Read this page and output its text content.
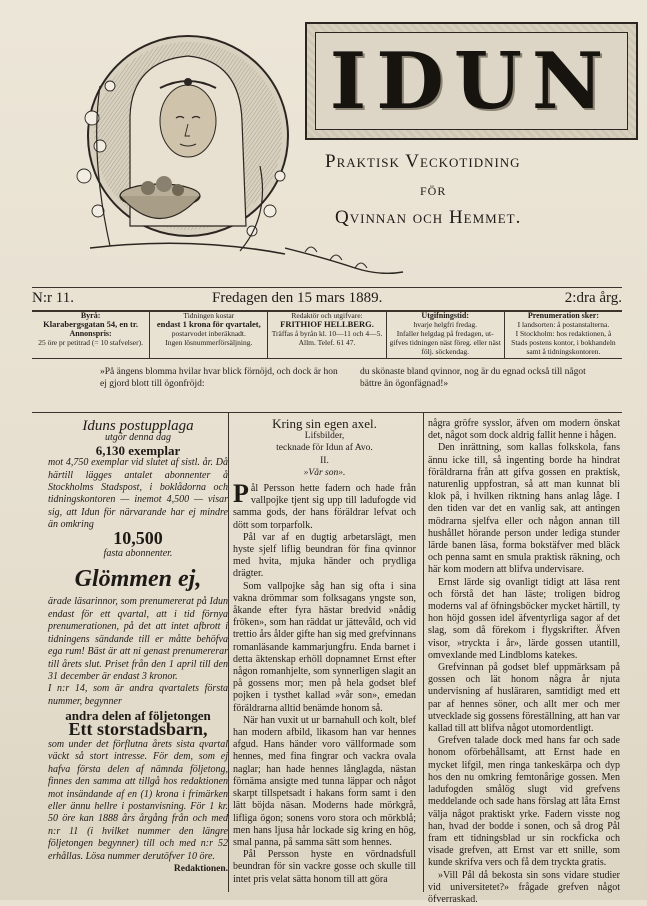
IDUN
Praktisk Veckotidning
för
Qvinnan och Hemmet.
N:r 11.	Fredagen den 15 mars 1889.	2:dra årg.
Byrå:
Klarabergsgatan 54, en tr.

Annonspris:
25 öre pr petitrad (= 10 stafvelser).
Tidningen kostar
endast 1 krona för qvartalet,
postarvodet inberäknadt.
Ingen lösnummerförsäljning.
Redaktör och utgifvare:
FRITHIOF HELLBERG.
Träffas å byrån kl. 10—11 och 4—5.
Allm. Telef. 61 47.
Utgifningstid:
hvarje helgfri fredag.
Infaller helgdag på fredagen, ut- gifves tidningen näst föreg. eller näst följ. söckendag.
Prenumeration sker:
I landsorten: å postanstalterna.
I Stockholm: hos redaktionen, å Stads postens kontor, i bokhandeln samt å tidningskontoren.
»På ängens blomma hvilar hvar blick förnöjd, och dock är hon ej gjord blott till ögonfröjd:
du skönaste bland qvinnor, nog är du egnad också till något bättre än ögonfägnad!»
Iduns postupplaga
utgör denna dag
6,130 exemplar
mot 4,750 exemplar vid slutet af sistl. år. Då härtill lägges antalet abonnenter å Stockholms Stadspost, i boklådorna och tidningskontoren — inemot 4,500 — visar sig, att Idun för närvarande har ej mindre än omkring
10,500
fasta abonnenter.
Glömmen ej,
ärade läsarinnor, som prenumererat på Idun endast för ett qvartal, att i tid förnya prenumerationen, på det att intet afbrott i tidningens sändande till er måtte behöfva ega rum! Bäst är att ni genast prenumererar till årets slut. Priset från den 1 april till den 31 december är endast 3 kronor.
I n:r 14, som är andra qvartalets första nummer, begynner
andra delen af följetongen
Ett storstadsbarn,
som under det förflutna årets sista qvartal väckt så stort intresse. För dem, som ej hafva första delen af nämnda följetong, finnes den samma att tillgå hos redaktionen mot insändande af en (1) krona i frimärken eller ännu hellre i postanvisning. För 1 kr. 50 öre kan 1888 års årgång från och med n:r 11 (i hvilket nummer den längre följetongen begynner) till och med n:r 52 erhållas. Lösa nummer derutöfver 10 öre.
Redaktionen.
Kring sin egen axel.
Lifsbilder,
tecknade för Idun af Avo.
II.
»Vår son».

Pål Persson hette fadern och hade från vallpojke tjent sig upp till ladufogde vid samma gods, der hans föräldrar lefvat och dött som torparfolk.

Pål var af en dugtig arbetarslägt, men hyste sjelf liflig beundran för fina qvinnor med hvita, mjuka händer och prydliga drägter.

Som vallpojke såg han sig ofta i sina vakna drömmar som folksagans yngste son, åkande efter fyra hästar bredvid »nådig fröken», som han räddat ur jättevåld, och vid trettio års ålder gifte han sig med grefvinnans romanläsande kammarjungfru. Enda barnet i detta äktenskap erhöll dopnamnet Ernst efter någon romanhjelte, som synnerligen slagit an på gossens mor; men på hela godset blef pojken i tysthet kallad »vår son», emedan föräldrarna alltid benämde honom så.

När han vuxit ut ur barnahull och kolt, blef han modern afbild, likasom han var hennes afgud. Hans händer voro vällformade som hennes, med fina fingrar och vackra ovala naglar; han hade hennes långlagda, nästan förnäma ansigte med tunna läppar och något skarpt tillspetsadt i hakans form samt i den lätt böjda näsan. Moderns hade mörkgrå, lifliga ögon; sonens voro stora och mörkblå; men hans ljusa hår lockade sig kring en hög, smal panna, på samma sätt som hennes.

Pål Persson hyste en vördnadsfull beundran för sin vackre gosse och skulle till intet pris velat sätta honom till att göra

några gröfre sysslor, äfven om modern önskat det, något som dock aldrig fallit henne i hågen.

Den inrättning, som kallas folkskola, fans ännu icke till, så ingenting borde ha hindrat föräldrarna från att gifva gossen en praktisk, naturenlig uppfostran, så att man kunnat bli klok på, i hvilken riktning hans anlag låge. I den tiden var det en vanlig sak, att antingen mödrarna sjelfva eller och någon annan till hushållet hörande person under lediga stunder lärde banen läsa, forma bokstäfver med bläck och penna samt en smula praktisk räkning, och här kom modern att blifva undervisare.

Ernst lärde sig ovanligt tidigt att läsa rent och förstå det han läste; troligen bidrog moderns val af öfningsböcker mycket härtill, ty hon höjd gossen idel äfventyrliga sagor af det slag, som då förekom i flygskrifter. Äfven visor, »tryckta i år», lärde gossen utantill, omvexlande med Lindbloms katekes.

Grefvinnan på godset blef uppmärksam på gossen och lät honom några år njuta undervisning af husläraren, samtidigt med ett par af hennes söner, och allt mer och mer utvecklade sig gossens föreställning, att han var kallad till att blifva något utomordentligt.

Grefven talade dock med hans far och sade honom oförbehållsamt, att Ernst hade en mycket lifgil, men ringa tankeskärpa och dyp hos den nu omkring femtonårige gossen. Men ladufogden smålög slugt vid grefvens meddelande och sade hans förslag att låta Ernst välja något praktiskt yrke. Fadern visste nog han, hvad der bodde i sonen, och så drog Pål fram ett tidningsblad ur sin rockficka och visade grefven, att Ernst var ett snille, som kunde skrifva vers och få dem tryckta gratis.

»Vill Pål då bekosta sin sons vidare studier vid universitetet?» frågade grefven något öfverraskad.
